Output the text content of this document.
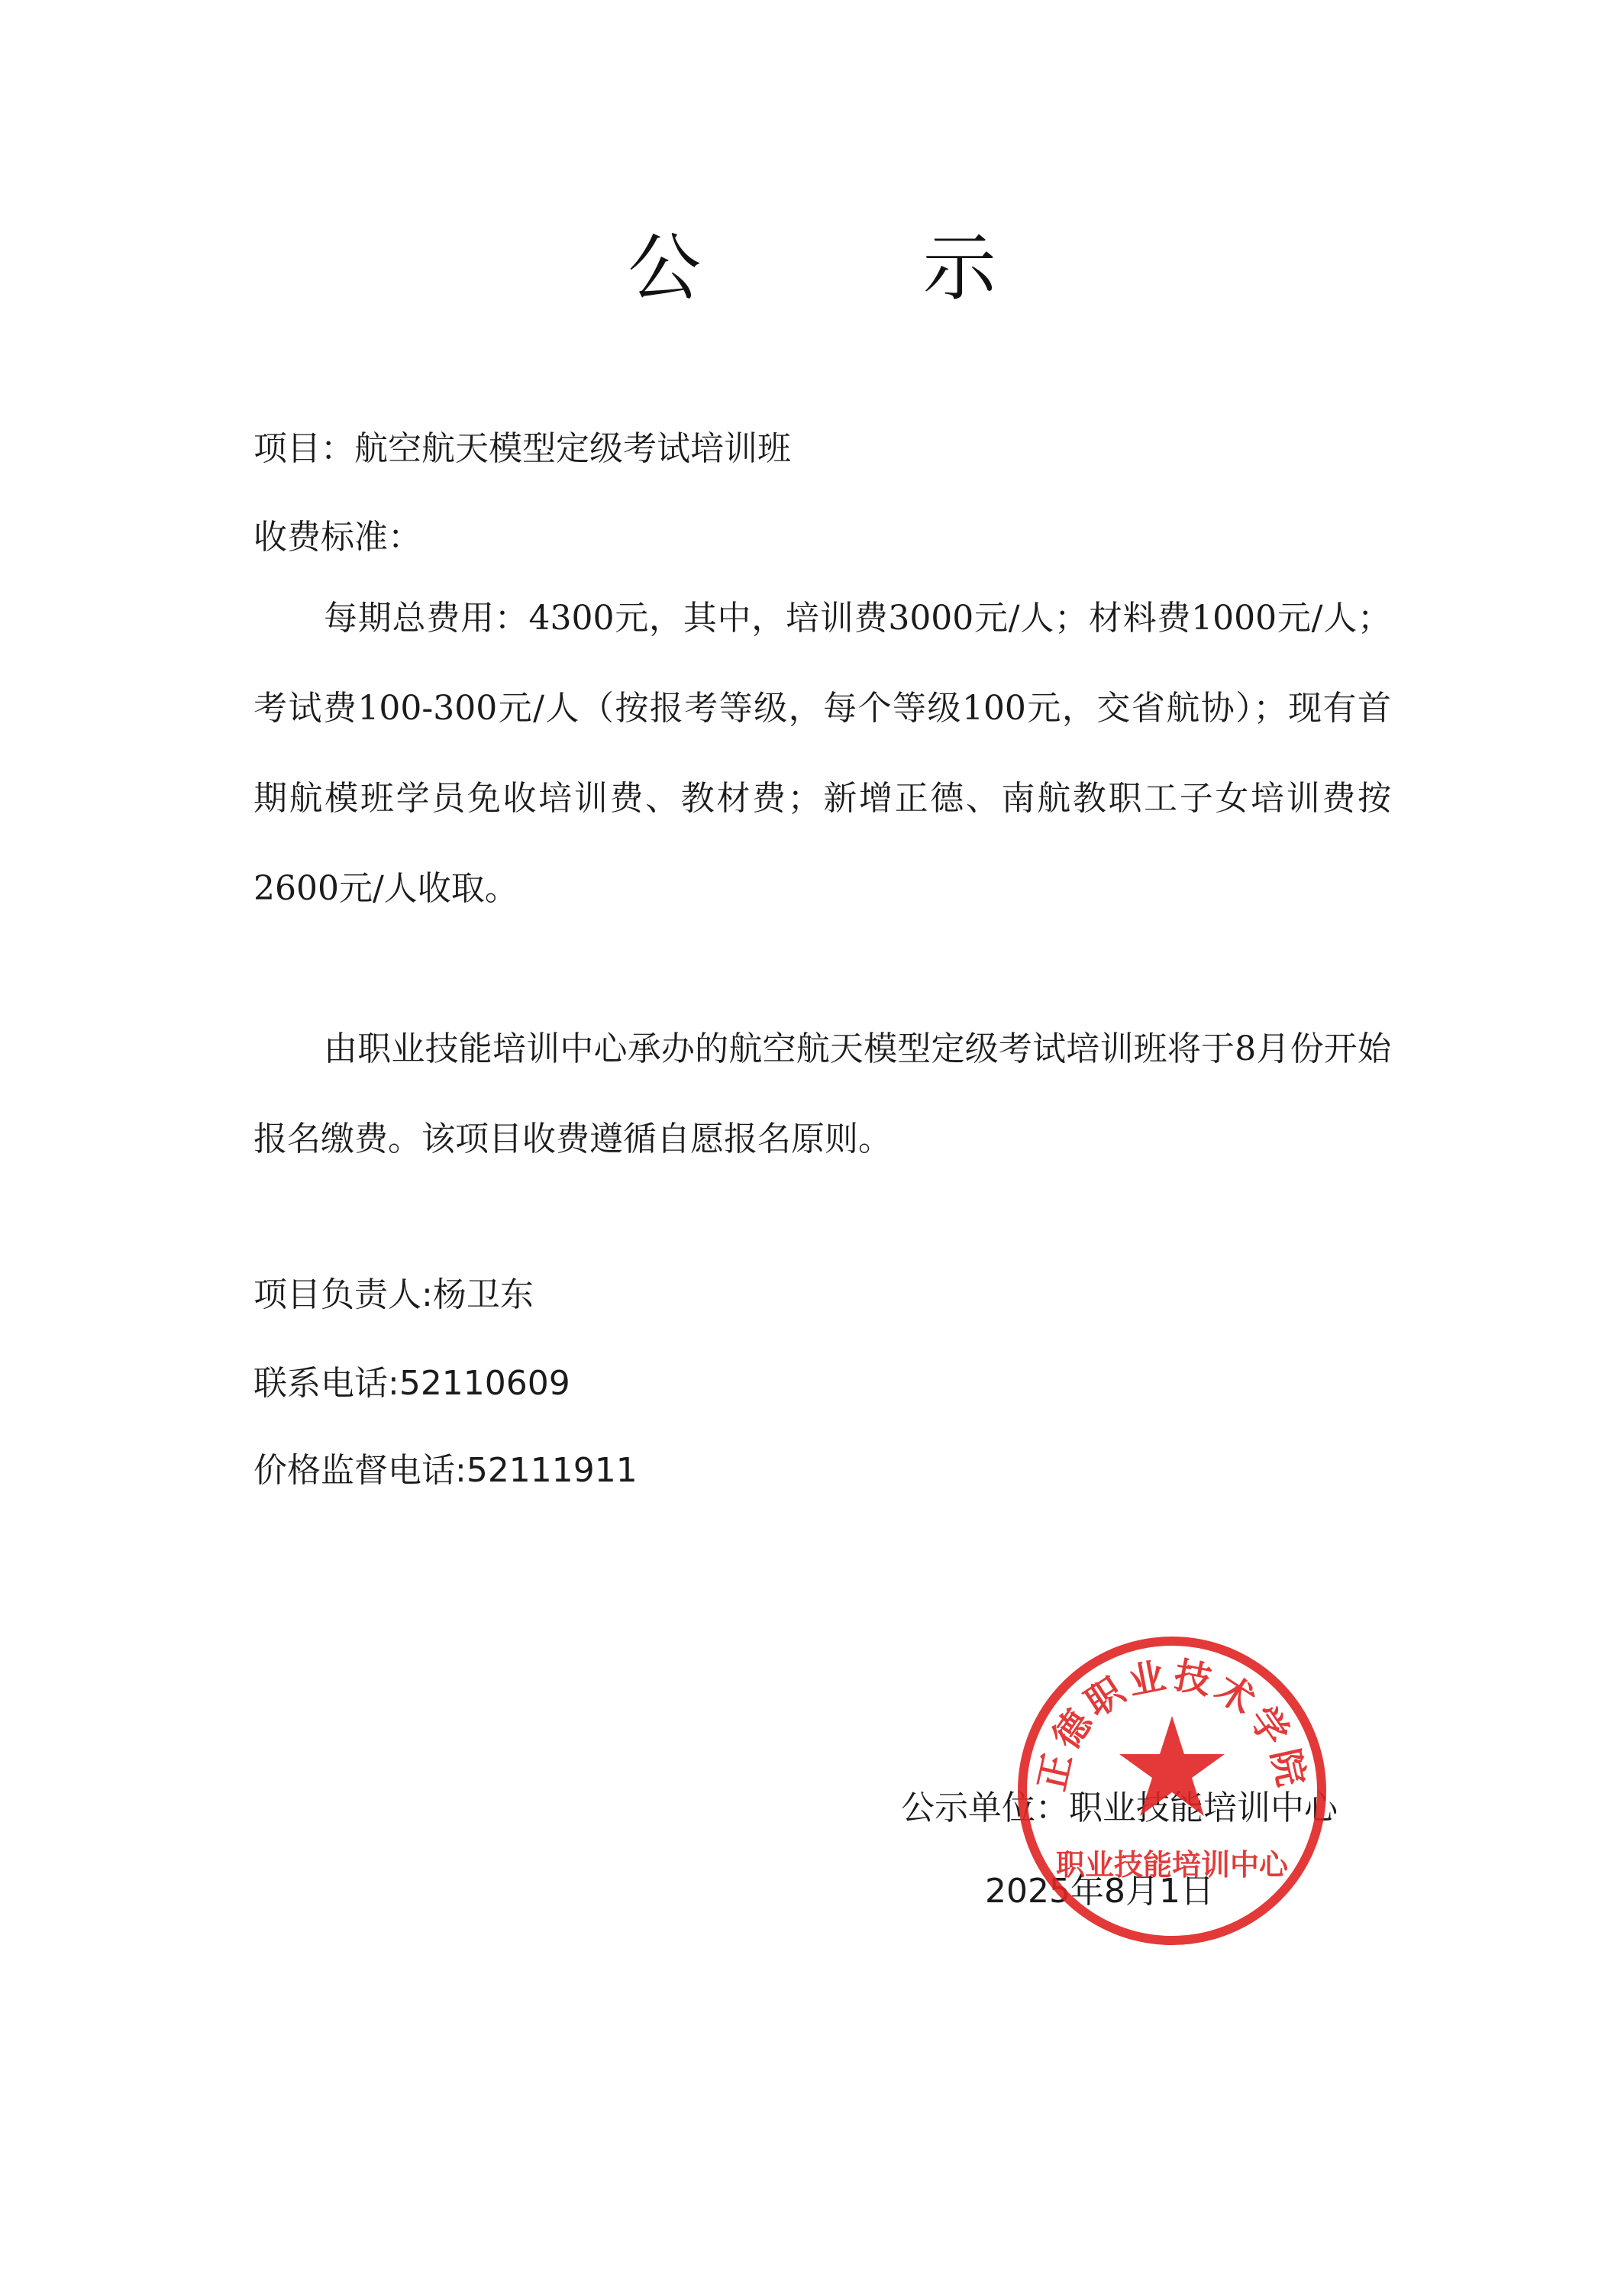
公 示
项目：航空航天模型定级考试培训班
收费标准：
每期总费用：4300元，其中，培训费3000元/人；材料费1000元/人；考试费100-300元/人（按报考等级，每个等级100元，交省航协）；现有首期航模班学员免收培训费、教材费；新增正德、南航教职工子女培训费按2600元/人收取。
由职业技能培训中心承办的航空航天模型定级考试培训班将于8月份开始报名缴费。该项目收费遵循自愿报名原则。
项目负责人:杨卫东
联系电话:52110609
价格监督电话:52111911
公示单位：职业技能培训中心
2025年8月1日
正德职业技术学院
职业技能培训中心
